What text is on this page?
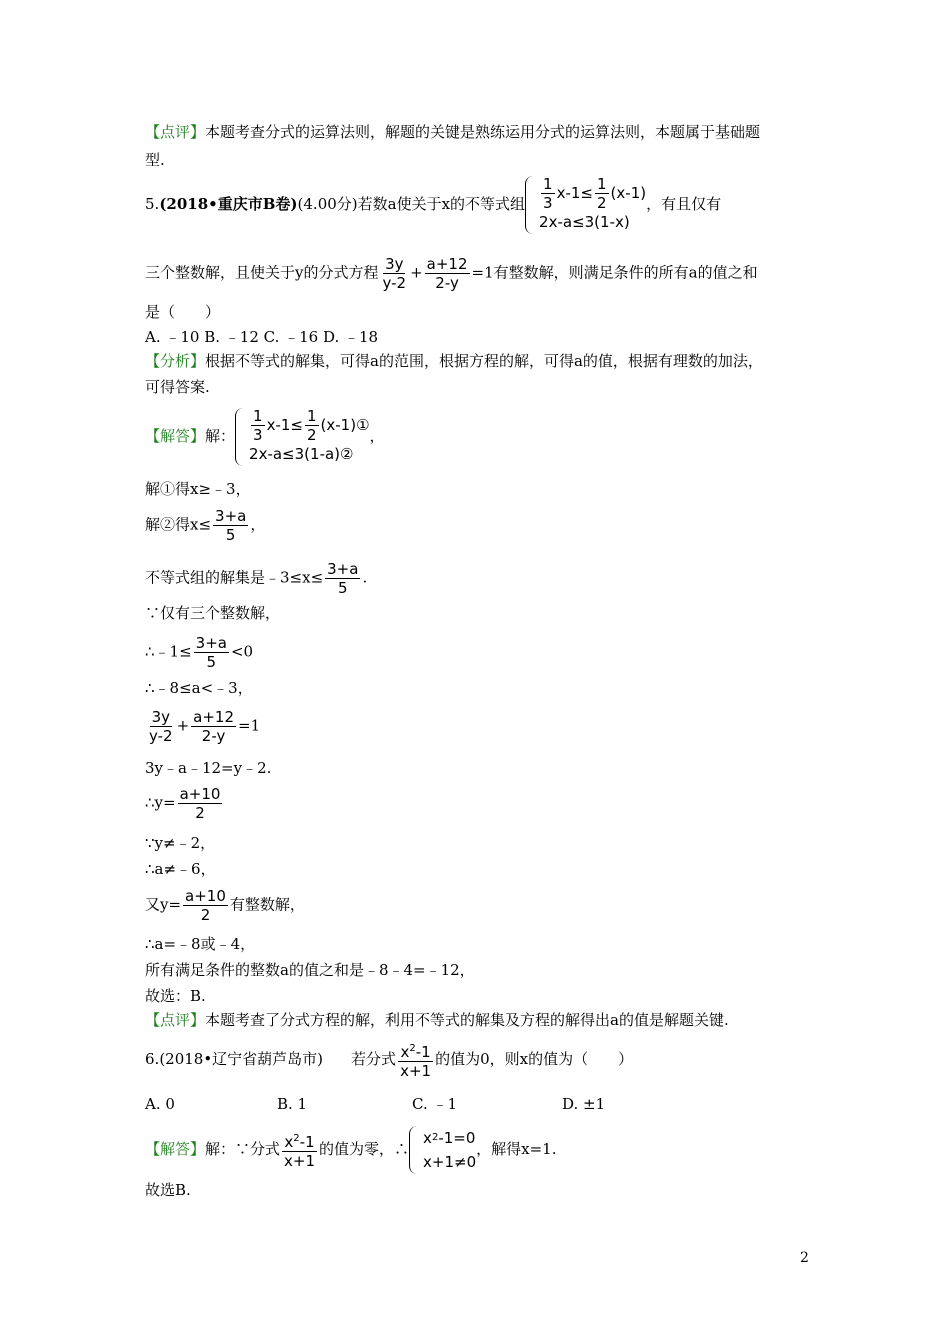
【点评】本题考查分式的运算法则，解题的关键是熟练运用分式的运算法则，本题属于基础题
型.
5.(2018•重庆市B卷)(4.00分)若数a使关于x的不等式组 $\frac{1}{3} x-1\le \frac{1}{2} (x-1)$
2x-a≤3(1-x)
，有且仅有
三个整数解，且使关于y的分式方程 $\frac{3y}{y-2} + \frac{a+12}{2-y} =1$有整数解，则满足条件的所有a的值之和
是（　　）
A. ﹣10 B. ﹣12 C. ﹣16 D. ﹣18
【分析】根据不等式的解集，可得a的范围，根据方程的解，可得a的值，根据有理数的加法，
可得答案.
【解答】解： $\frac{1}{3} x-1\le \frac{1}{2}$ (x-1)①
2x-a≤3(1-a)②
，
解①得x≥﹣3，
解②得$x\le \frac{3+a}{5}$ ，
不等式组的解集是﹣3≤x≤ $\frac{3+a}{5}$ .
∵仅有三个整数解，
∴﹣1≤ $\frac{3+a}{5} <0$
∴﹣8≤a<﹣3，
$\frac{3y}{y-2} + \frac{a+12}{2-y} =1$
3y﹣a﹣12=y﹣2.
∴y= $\frac{a+10}{2}$
∵y≠﹣2，
∴a≠﹣6，
又$y= \frac{a+10}{2}$ 有整数解，
∴a=﹣8或﹣4，
所有满足条件的整数a的值之和是﹣8﹣4=﹣12，
故选：B.
【点评】本题考查了分式方程的解，利用不等式的解集及方程的解得出a的值是解题关键.
6.(2018•辽宁省葫芦岛市) 若分式 $\frac{x^2-1}{x+1}$ 的值为0，则x的值为（　　）
A. 0	B. 1	C. ﹣1	D. ±1
【解答】解：∵分式 $\frac{x^2-1}{x+1}$ 的值为零，∴
x 2 -1=0
x+1≠0
，解得x=1.
故选B.
2
